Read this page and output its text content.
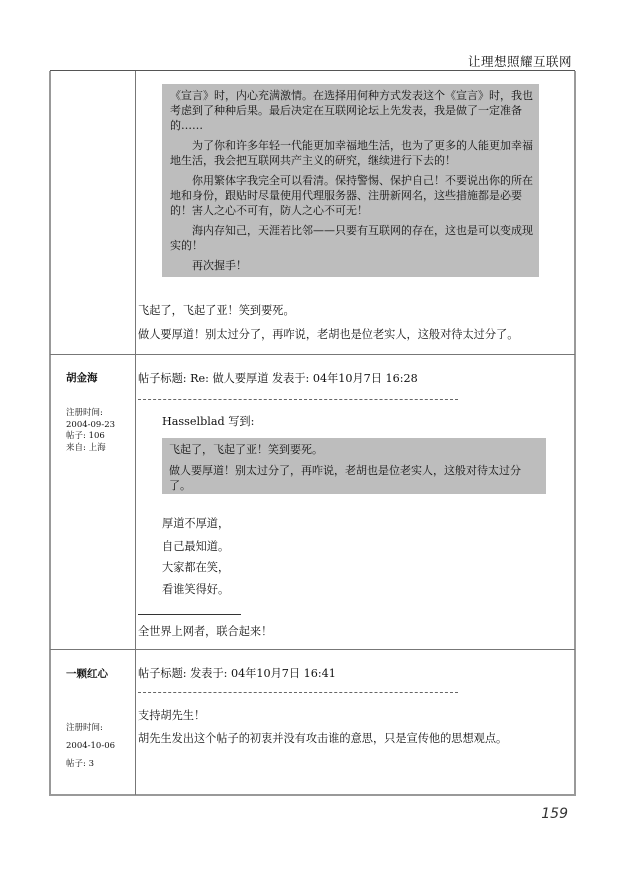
让理想照耀互联网

《宣言》时，内心充满激情。在选择用何种方式发表这个《宣言》时，我也考虑到了种种后果。最后决定在互联网论坛上先发表，我是做了一定准备的……

为了你和许多年轻一代能更加幸福地生活，也为了更多的人能更加幸福地生活，我会把互联网共产主义的研究，继续进行下去的！

你用繁体字我完全可以看清。保持警惕、保护自己！不要说出你的所在地和身份，跟贴时尽量使用代理服务器、注册新网名，这些措施都是必要的！害人之心不可有，防人之心不可无！

海内存知己，天涯若比邻——只要有互联网的存在，这也是可以变成现实的！

再次握手！

飞起了，飞起了亚！笑到要死。
做人要厚道！别太过分了，再咋说，老胡也是位老实人，这般对待太过分了。
胡金海
注册时间:
2004-09-23
帖子: 106
来自: 上海
帖子标题: Re: 做人要厚道 发表于: 04年10月7日 16:28
Hasselblad 写到:

飞起了，飞起了亚！笑到要死。

做人要厚道！别太过分了，再咋说，老胡也是位老实人，这般对待太过分了。

厚道不厚道，
自己最知道。
大家都在笑，
看谁笑得好。
全世界上网者，联合起来！
一颗红心
注册时间:
2004-10-06
帖子: 3
帖子标题: 发表于: 04年10月7日 16:41
支持胡先生！
胡先生发出这个帖子的初衷并没有攻击谁的意思，只是宣传他的思想观点。
159
